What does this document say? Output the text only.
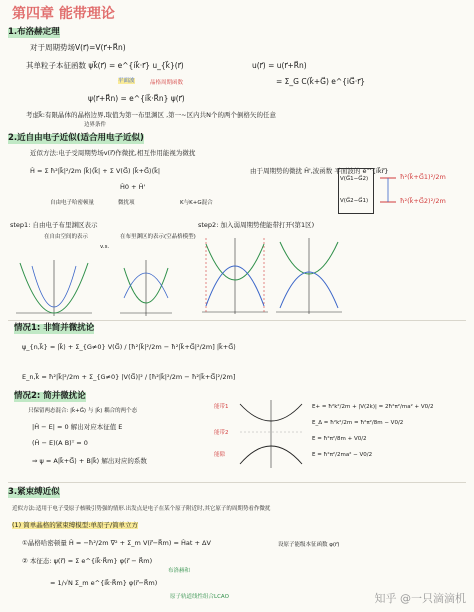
第四章 能带理论
1.布洛赫定理
对于周期势场V(r⃗)=V(r⃗+R⃗n)
其单粒子本征函数 ψk⃗(r⃗) = e^{ik⃗·r⃗} u_{k⃗}(r⃗)
平面波	晶格周期函数
u(r⃗) = u(r⃗+R⃗n)
= Σ_G C(k⃗+G⃗) e^{iG⃗·r⃗}
ψ(r⃗+R⃗n) = e^{ik⃗·R⃗n} ψ(r⃗)
考虑k⃗:有限晶体的晶格边界,取值为第一布里渊区 ,第一~区内共N个的两个倒格矢的任意
边界条件
2.近自由电子近似(适合用电子近似)
近似方法:电子受周期势场v(r⃗)作微扰,相互作用能视为微扰
Ĥ = Σ ħ²|k⃗|²/2m |k⃗⟩⟨k⃗| + Σ V(G⃗) |k⃗+G⃗⟩⟨k⃗|	由于周期势的微扰 Ĥ',波函数 平面波的 e^{ik⃗r⃗}
Ĥ0 + Ĥ'
自由电子哈密顿量	微扰项	K与K+G混合
V(G⃗1−G⃗2)
V(G⃗2−G⃗1)
ħ²(k⃗+G⃗1)²/2m
ħ²(k⃗+G⃗2)²/2m
step1: 自由电子布里渊区表示
在自由空间的表示	在布里渊区的表示(空晶格模型)
v.s.
step2: 加入弱周期势使能带打开(第1区)
情况1: 非简并微扰论
ψ_{n,k⃗} = |k⃗⟩ + Σ_{G≠0} V(G⃗) / [ħ²|k⃗|²/2m − ħ²|k⃗+G⃗|²/2m] |k⃗+G⃗⟩
E_n,k⃗ = ħ²|k⃗|²/2m + Σ_{G≠0} |V(G⃗)|² / [ħ²|k⃗|²/2m − ħ²|k⃗+G⃗|²/2m]
情况2: 简并微扰论
只保留两态混合: |k⃗+G⃗⟩ 与 |k⃗⟩ 耦合的两个态
|Ĥ − E| = 0 解出对应本征值 E
(Ĥ − E)(A B)ᵀ = 0
⇒ ψ = A|k⃗+G⃗⟩ + B|k⃗⟩ 解出对应的系数
能带1
能带2
能隙
E+ = ħ²k²/2m + |V(2k)| = 2ħ²π²/ma² + V0/2
E_Δ = ħ²k²/2m = ħ²π²/8m − V0/2
E = ħ²π²/8m + V0/2
E = ħ²π²/2ma² − V0/2
3.紧束缚近似
近似方法:适用于电子受原子核吸引势强的情形.出发点是电子在某个原子附近时,其它原子的周期势看作微扰
(1) 简单晶格的紧束缚模型:单原子/简单立方
①晶格哈密顿量 Ĥ = −ħ²/2m ∇² + Σ_m V(r⃗−R⃗m) = Ĥat + ΔV	设原子能级本征函数 φ(r⃗)
② 本征态: ψ(r⃗) = Σ e^{ik⃗·R⃗m} φ(r⃗ − R⃗m)
布洛赫和
= 1/√N Σ_m e^{ik⃗·R⃗m} φ(r⃗−R⃗m)
原子轨道线性组合LCAO	知乎 @一只滴滴机
